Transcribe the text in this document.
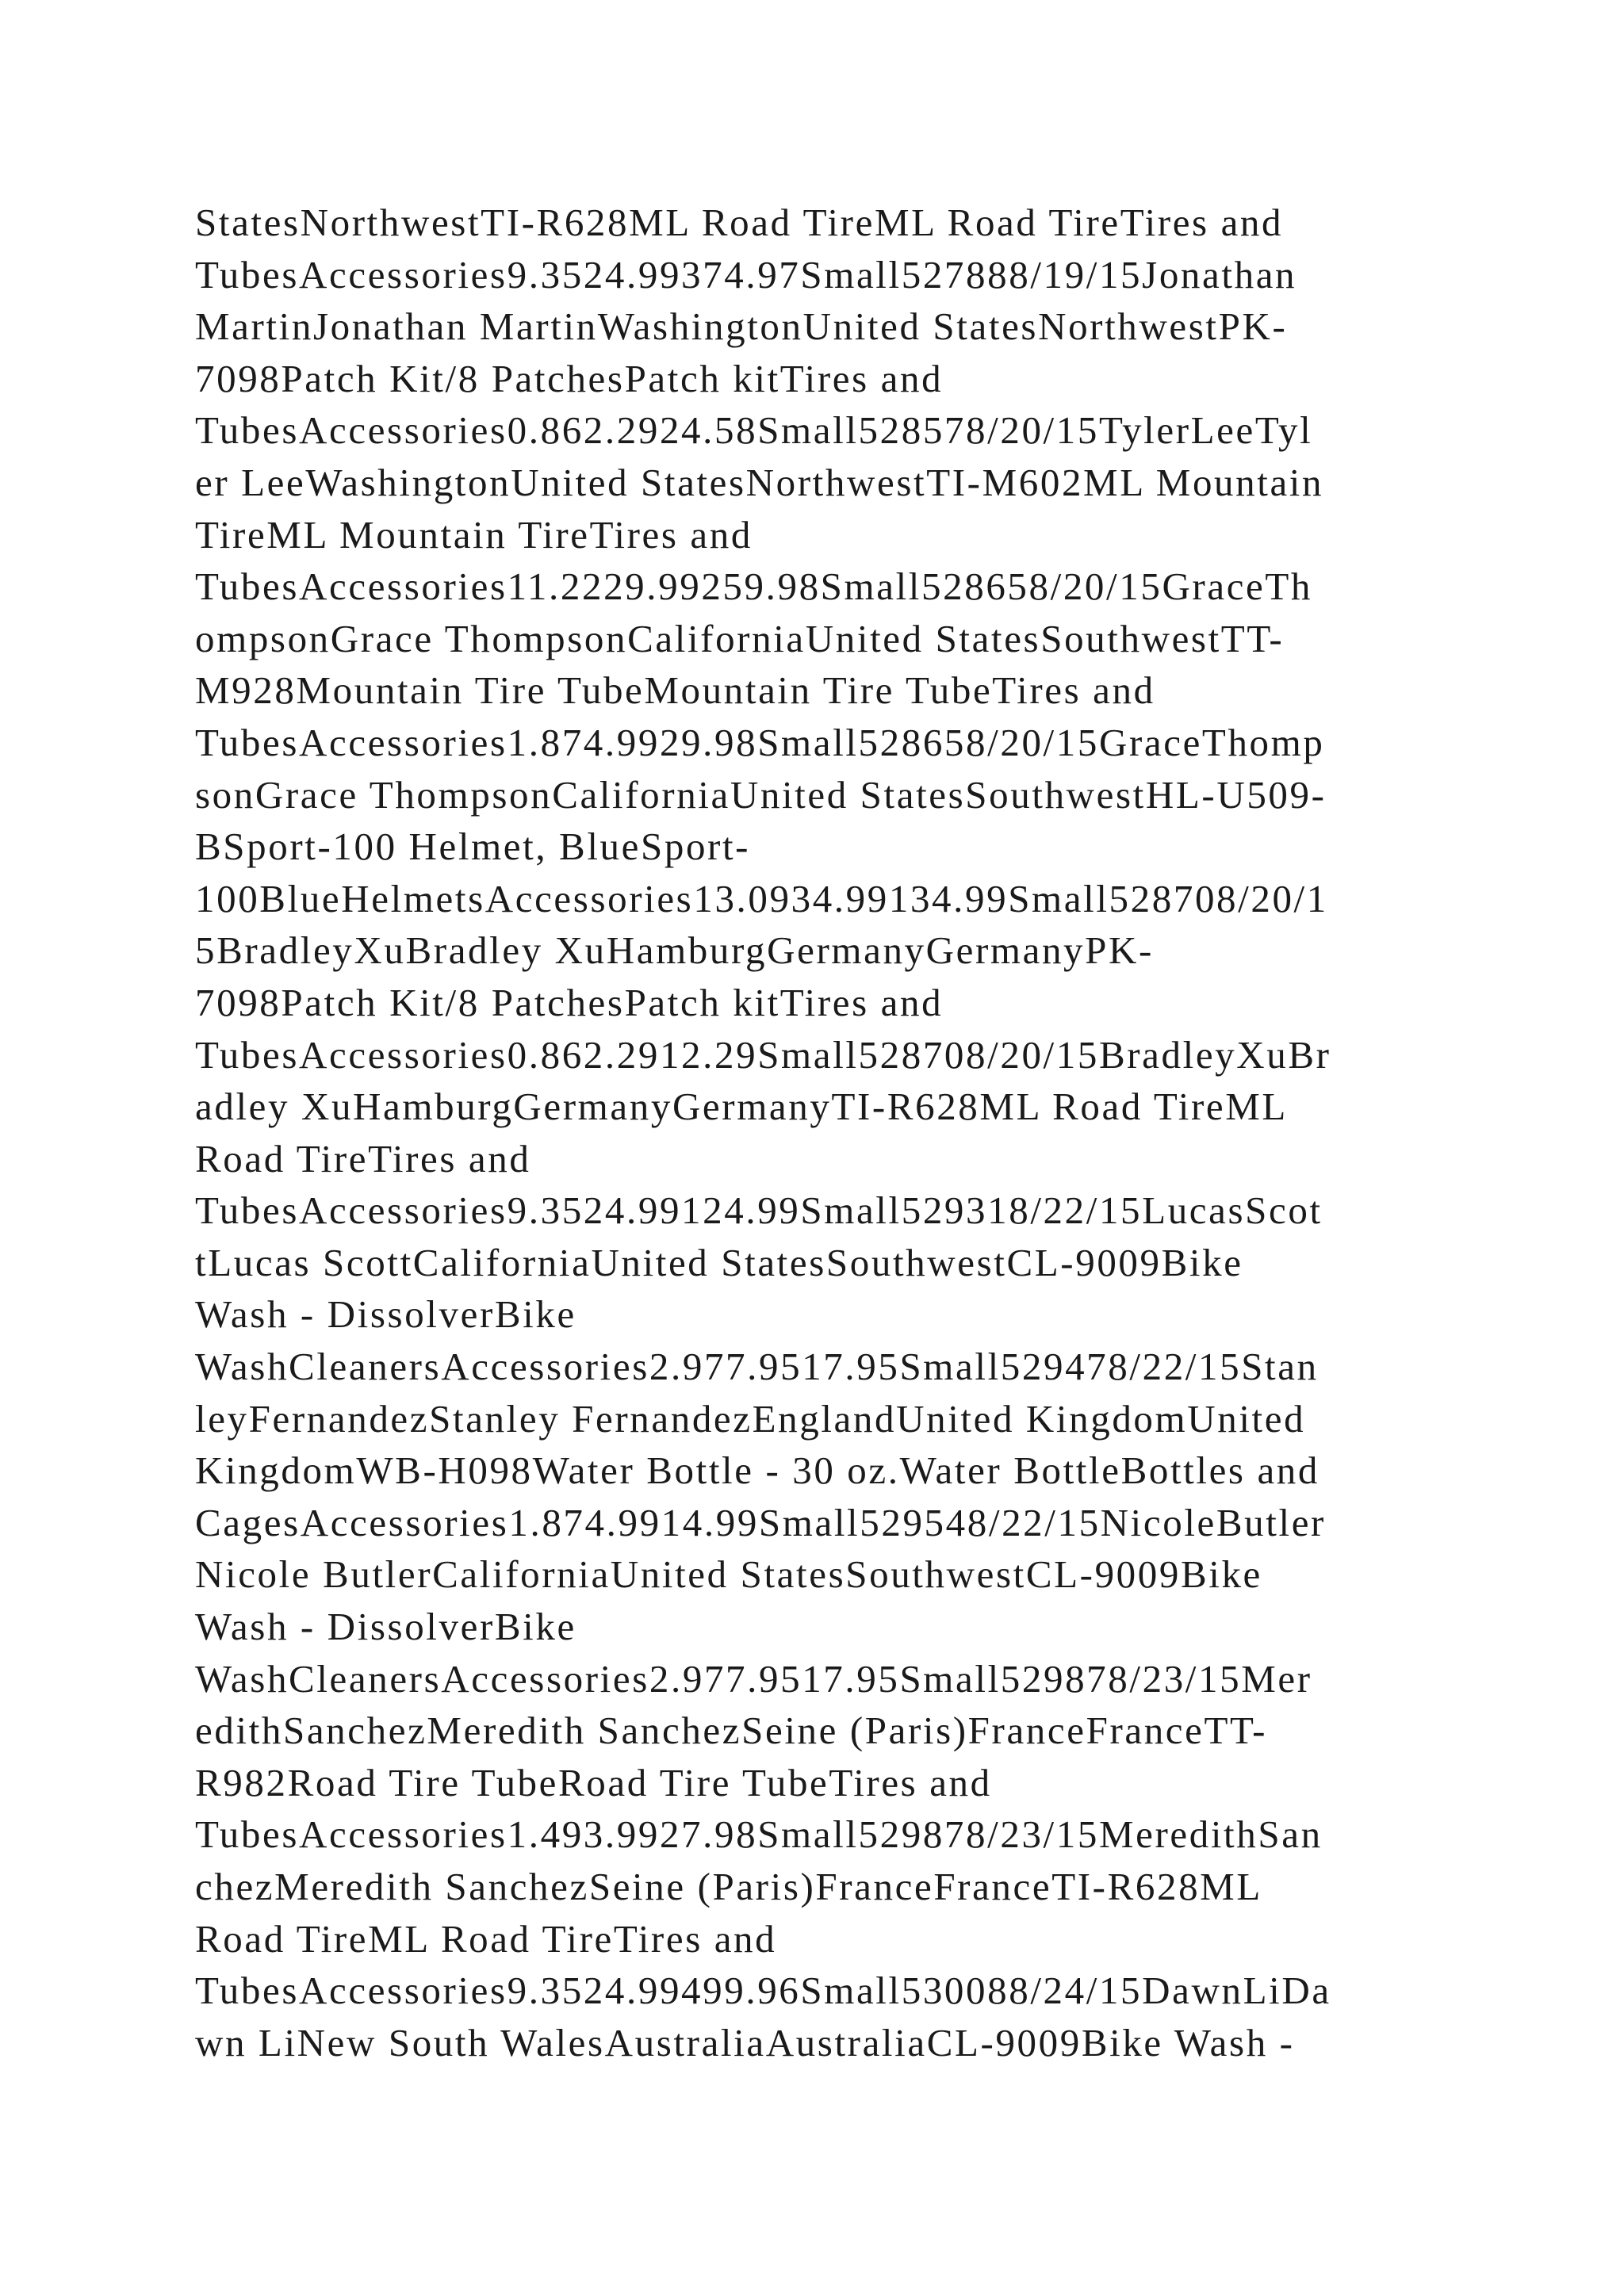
StatesNorthwestTI-R628ML Road TireML Road TireTires and
TubesAccessories9.3524.99374.97Small527888/19/15Jonathan
MartinJonathan MartinWashingtonUnited StatesNorthwestPK-
7098Patch Kit/8 PatchesPatch kitTires and
TubesAccessories0.862.2924.58Small528578/20/15TylerLeeTyl
er LeeWashingtonUnited StatesNorthwestTI-M602ML Mountain
TireML Mountain TireTires and
TubesAccessories11.2229.99259.98Small528658/20/15GraceTh
ompsonGrace ThompsonCaliforniaUnited StatesSouthwestTT-
M928Mountain Tire TubeMountain Tire TubeTires and
TubesAccessories1.874.9929.98Small528658/20/15GraceThomp
sonGrace ThompsonCaliforniaUnited StatesSouthwestHL-U509-
BSport-100 Helmet, BlueSport-
100BlueHelmetsAccessories13.0934.99134.99Small528708/20/1
5BradleyXuBradley XuHamburgGermanyGermanyPK-
7098Patch Kit/8 PatchesPatch kitTires and
TubesAccessories0.862.2912.29Small528708/20/15BradleyXuBr
adley XuHamburgGermanyGermanyTI-R628ML Road TireML
Road TireTires and
TubesAccessories9.3524.99124.99Small529318/22/15LucasScot
tLucas ScottCaliforniaUnited StatesSouthwestCL-9009Bike
Wash - DissolverBike
WashCleanersAccessories2.977.9517.95Small529478/22/15Stan
leyFernandezStanley FernandezEnglandUnited KingdomUnited
KingdomWB-H098Water Bottle - 30 oz.Water BottleBottles and
CagesAccessories1.874.9914.99Small529548/22/15NicoleButler
Nicole ButlerCaliforniaUnited StatesSouthwestCL-9009Bike
Wash - DissolverBike
WashCleanersAccessories2.977.9517.95Small529878/23/15Mer
edithSanchezMeredith SanchezSeine (Paris)FranceFranceTT-
R982Road Tire TubeRoad Tire TubeTires and
TubesAccessories1.493.9927.98Small529878/23/15MeredithSan
chezMeredith SanchezSeine (Paris)FranceFranceTI-R628ML
Road TireML Road TireTires and
TubesAccessories9.3524.99499.96Small530088/24/15DawnLiDa
wn LiNew South WalesAustraliaAustraliaCL-9009Bike Wash -
